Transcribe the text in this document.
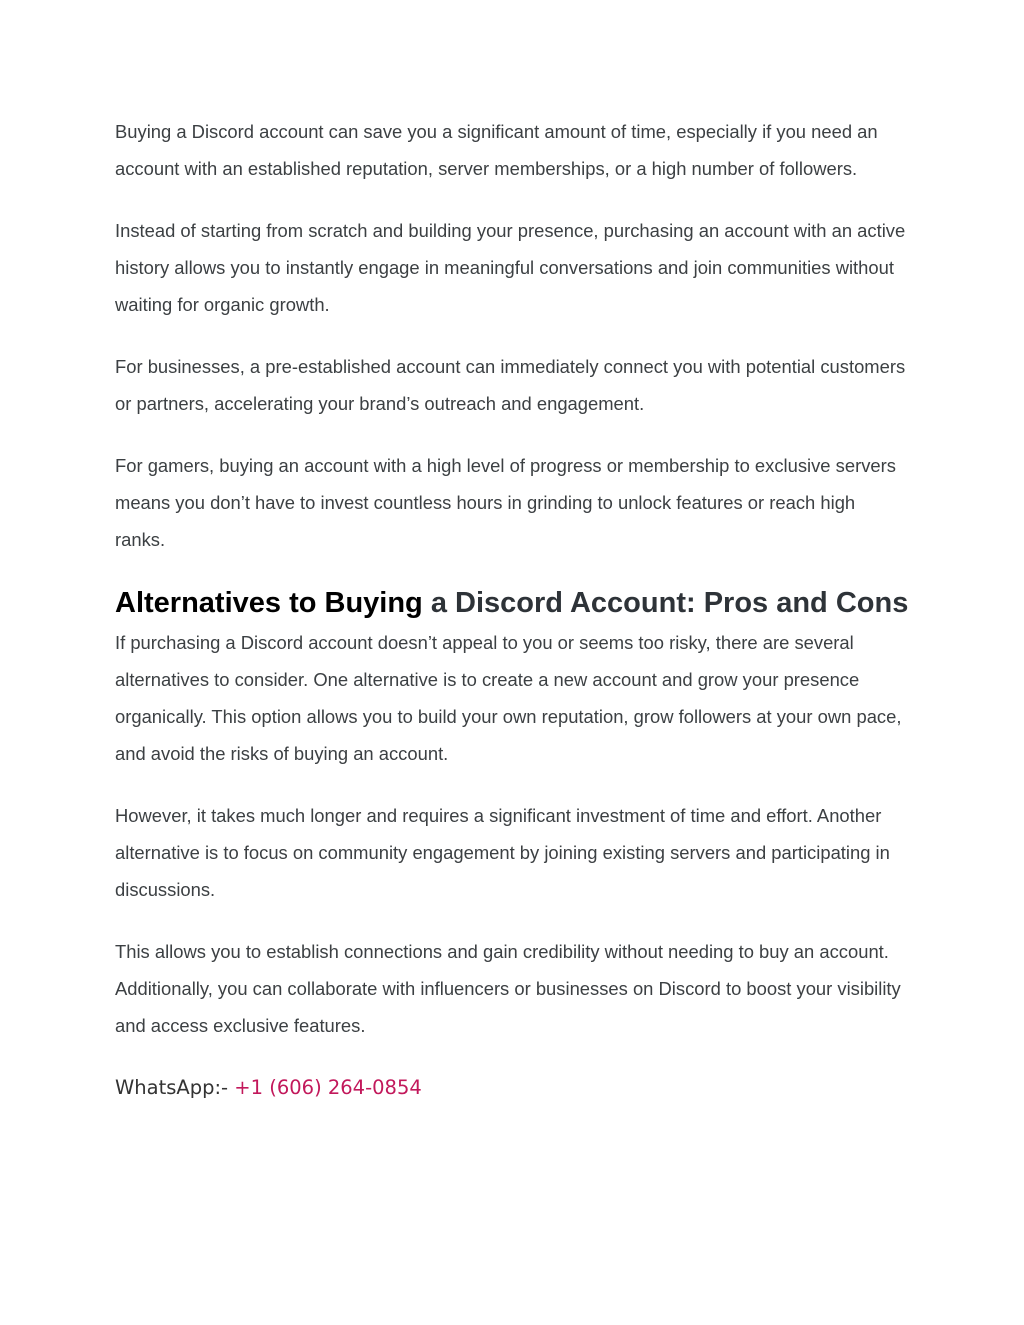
Buying a Discord account can save you a significant amount of time, especially if you need an account with an established reputation, server memberships, or a high number of followers.

Instead of starting from scratch and building your presence, purchasing an account with an active history allows you to instantly engage in meaningful conversations and join communities without waiting for organic growth.

For businesses, a pre-established account can immediately connect you with potential customers or partners, accelerating your brand’s outreach and engagement.

For gamers, buying an account with a high level of progress or membership to exclusive servers means you don’t have to invest countless hours in grinding to unlock features or reach high ranks.

Alternatives to Buying a Discord Account: Pros and Cons

If purchasing a Discord account doesn’t appeal to you or seems too risky, there are several alternatives to consider. One alternative is to create a new account and grow your presence organically. This option allows you to build your own reputation, grow followers at your own pace, and avoid the risks of buying an account.

However, it takes much longer and requires a significant investment of time and effort. Another alternative is to focus on community engagement by joining existing servers and participating in discussions.

This allows you to establish connections and gain credibility without needing to buy an account. Additionally, you can collaborate with influencers or businesses on Discord to boost your visibility and access exclusive features.

WhatsApp:- +1 (606) 264-0854
